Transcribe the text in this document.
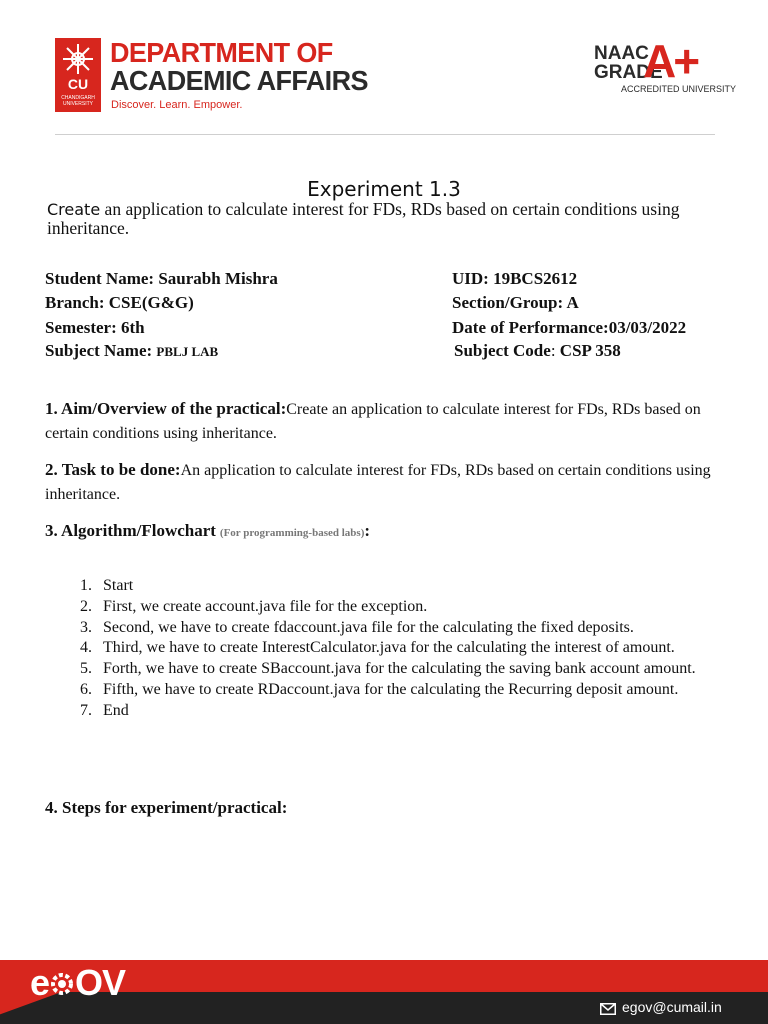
CU
CHANDIGARH UNIVERSITY
DEPARTMENT OF
ACADEMIC AFFAIRS
Discover. Learn. Empower.
NAAC
GRADE
A+
ACCREDITED UNIVERSITY
Experiment 1.3
Create an application to calculate interest for FDs, RDs based on certain conditions using inheritance.
Student Name: Saurabh Mishra	UID: 19BCS2612
Branch: CSE(G&G)	Section/Group: A
Semester: 6th	Date of Performance:03/03/2022
Subject Name: PBLJ LAB	Subject Code: CSP 358
1. Aim/Overview of the practical:Create an application to calculate interest for FDs, RDs based on certain conditions using inheritance.
2. Task to be done:An application to calculate interest for FDs, RDs based on certain conditions using inheritance.
3. Algorithm/Flowchart (For programming-based labs):
1. Start
2. First, we create account.java file for the exception.
3. Second, we have to create fdaccount.java file for the calculating the fixed deposits.
4. Third, we have to create InterestCalculator.java for the calculating the interest of amount.
5. Forth, we have to create SBaccount.java for the calculating the saving bank account amount.
6. Fifth, we have to create RDaccount.java for the calculating the Recurring deposit amount.
7. End
4. Steps for experiment/practical:
e OV
egov@cumail.in
